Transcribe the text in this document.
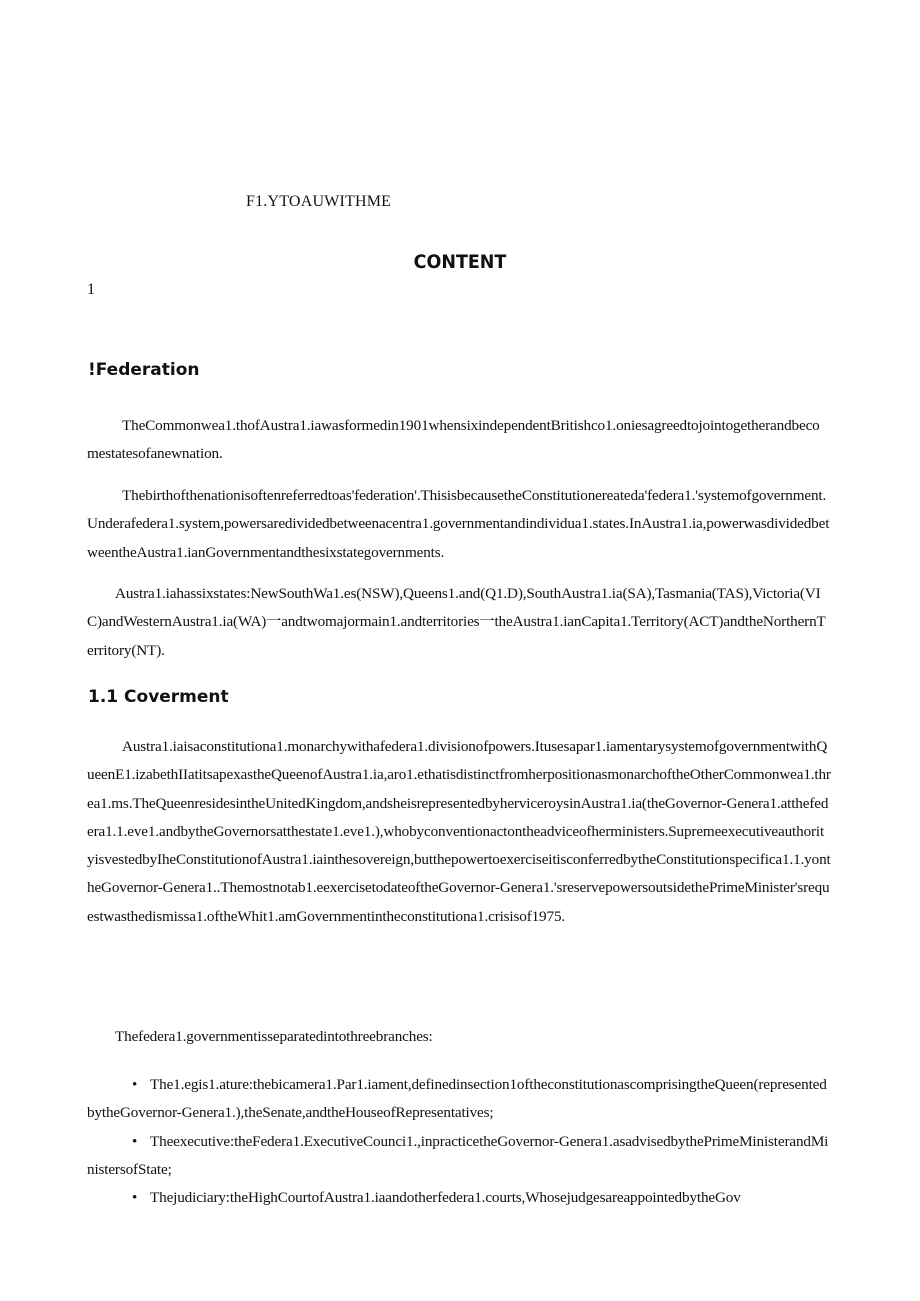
F1.YTOAUWITHME
CONTENT
1
!Federation
TheCommonwea1.thofAustra1.iawasformedin1901whensixindependentBritishco1.oniesagreedtojointogetherandbecomestatesofanewnation.
Thebirthofthenationisoftenreferredtoas'federation'.ThisisbecausetheConstitutionereateda'federa1.'systemofgovernment.Underafedera1.system,powersaredividedbetweenacentra1.governmentandindividua1.states.InAustra1.ia,powerwasdividedbetweentheAustra1.ianGovernmentandthesixstategovernments.
Austra1.iahassixstates:NewSouthWa1.es(NSW),Queens1.and(Q1.D),SouthAustra1.ia(SA),Tasmania(TAS),Victoria(VIC)andWesternAustra1.ia(WA)一andtwomajormain1.andterritories一theAustra1.ianCapita1.Territory(ACT)andtheNorthernTerritory(NT).
1.1 Coverment
Austra1.iaisaconstitutiona1.monarchywithafedera1.divisionofpowers.Itusesapar1.iamentarysystemofgovernmentwithQueenE1.izabethIIatitsapexastheQueenofAustra1.ia,aro1.ethatisdistinctfromherpositionasmonarchoftheOtherCommonwea1.threa1.ms.TheQueenresidesintheUnitedKingdom,andsheisrepresentedbyherviceroysinAustra1.ia(theGovernor-Genera1.atthefedera1.1.eve1.andbytheGovernorsatthestate1.eve1.),whobyconventionactontheadviceofherministers.SupremeexecutiveauthorityisvestedbyIheConstitutionofAustra1.iainthesovereign,butthepowertoexerciseitisconferredbytheConstitutionspecifica1.1.yontheGovernor-Genera1..Themostnotab1.eexercisetodateoftheGovernor-Genera1.'sreservepowersoutsidethePrimeMinister'srequestwasthedismissa1.oftheWhit1.amGovernmentintheconstitutiona1.crisisof1975.
Thefedera1.governmentisseparatedintothreebranches:
• The1.egis1.ature:thebicamera1.Par1.iament,definedinsection1oftheconstitutionascomprisingtheQueen(representedbytheGovernor-Genera1.),theSenate,andtheHouseofRepresentatives;
• Theexecutive:theFedera1.ExecutiveCounci1.,inpracticetheGovernor-Genera1.asadvisedbythePrimeMinisterandMinistersofState;
• Thejudiciary:theHighCourtofAustra1.iaandotherfedera1.courts,WhosejudgesareappointedbytheGov
